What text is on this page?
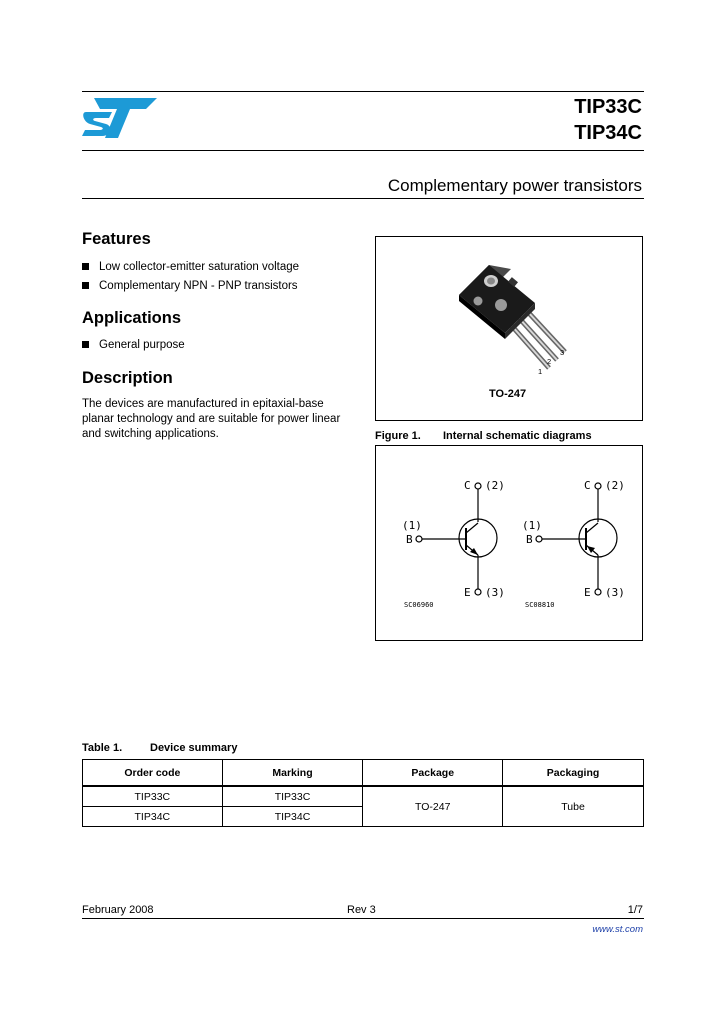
TIP33C
TIP34C
Complementary power transistors
Features
Low collector-emitter saturation voltage
Complementary NPN - PNP transistors
Applications
General purpose
Description
The devices are manufactured in epitaxial-base planar technology and are suitable for power linear and switching applications.
3
2
1
TO-247
Figure 1. Internal schematic diagrams
C (2)
(1)
B
E (3)
SC06960
C (2)
(1)
B
E (3)
SC08810
Table 1.	Device summary
Order code	Marking	Package	Packaging
TIP33C	TIP33C	TO-247	Tube
TIP34C	TIP34C		
February 2008	Rev 3	1/7
www.st.com
